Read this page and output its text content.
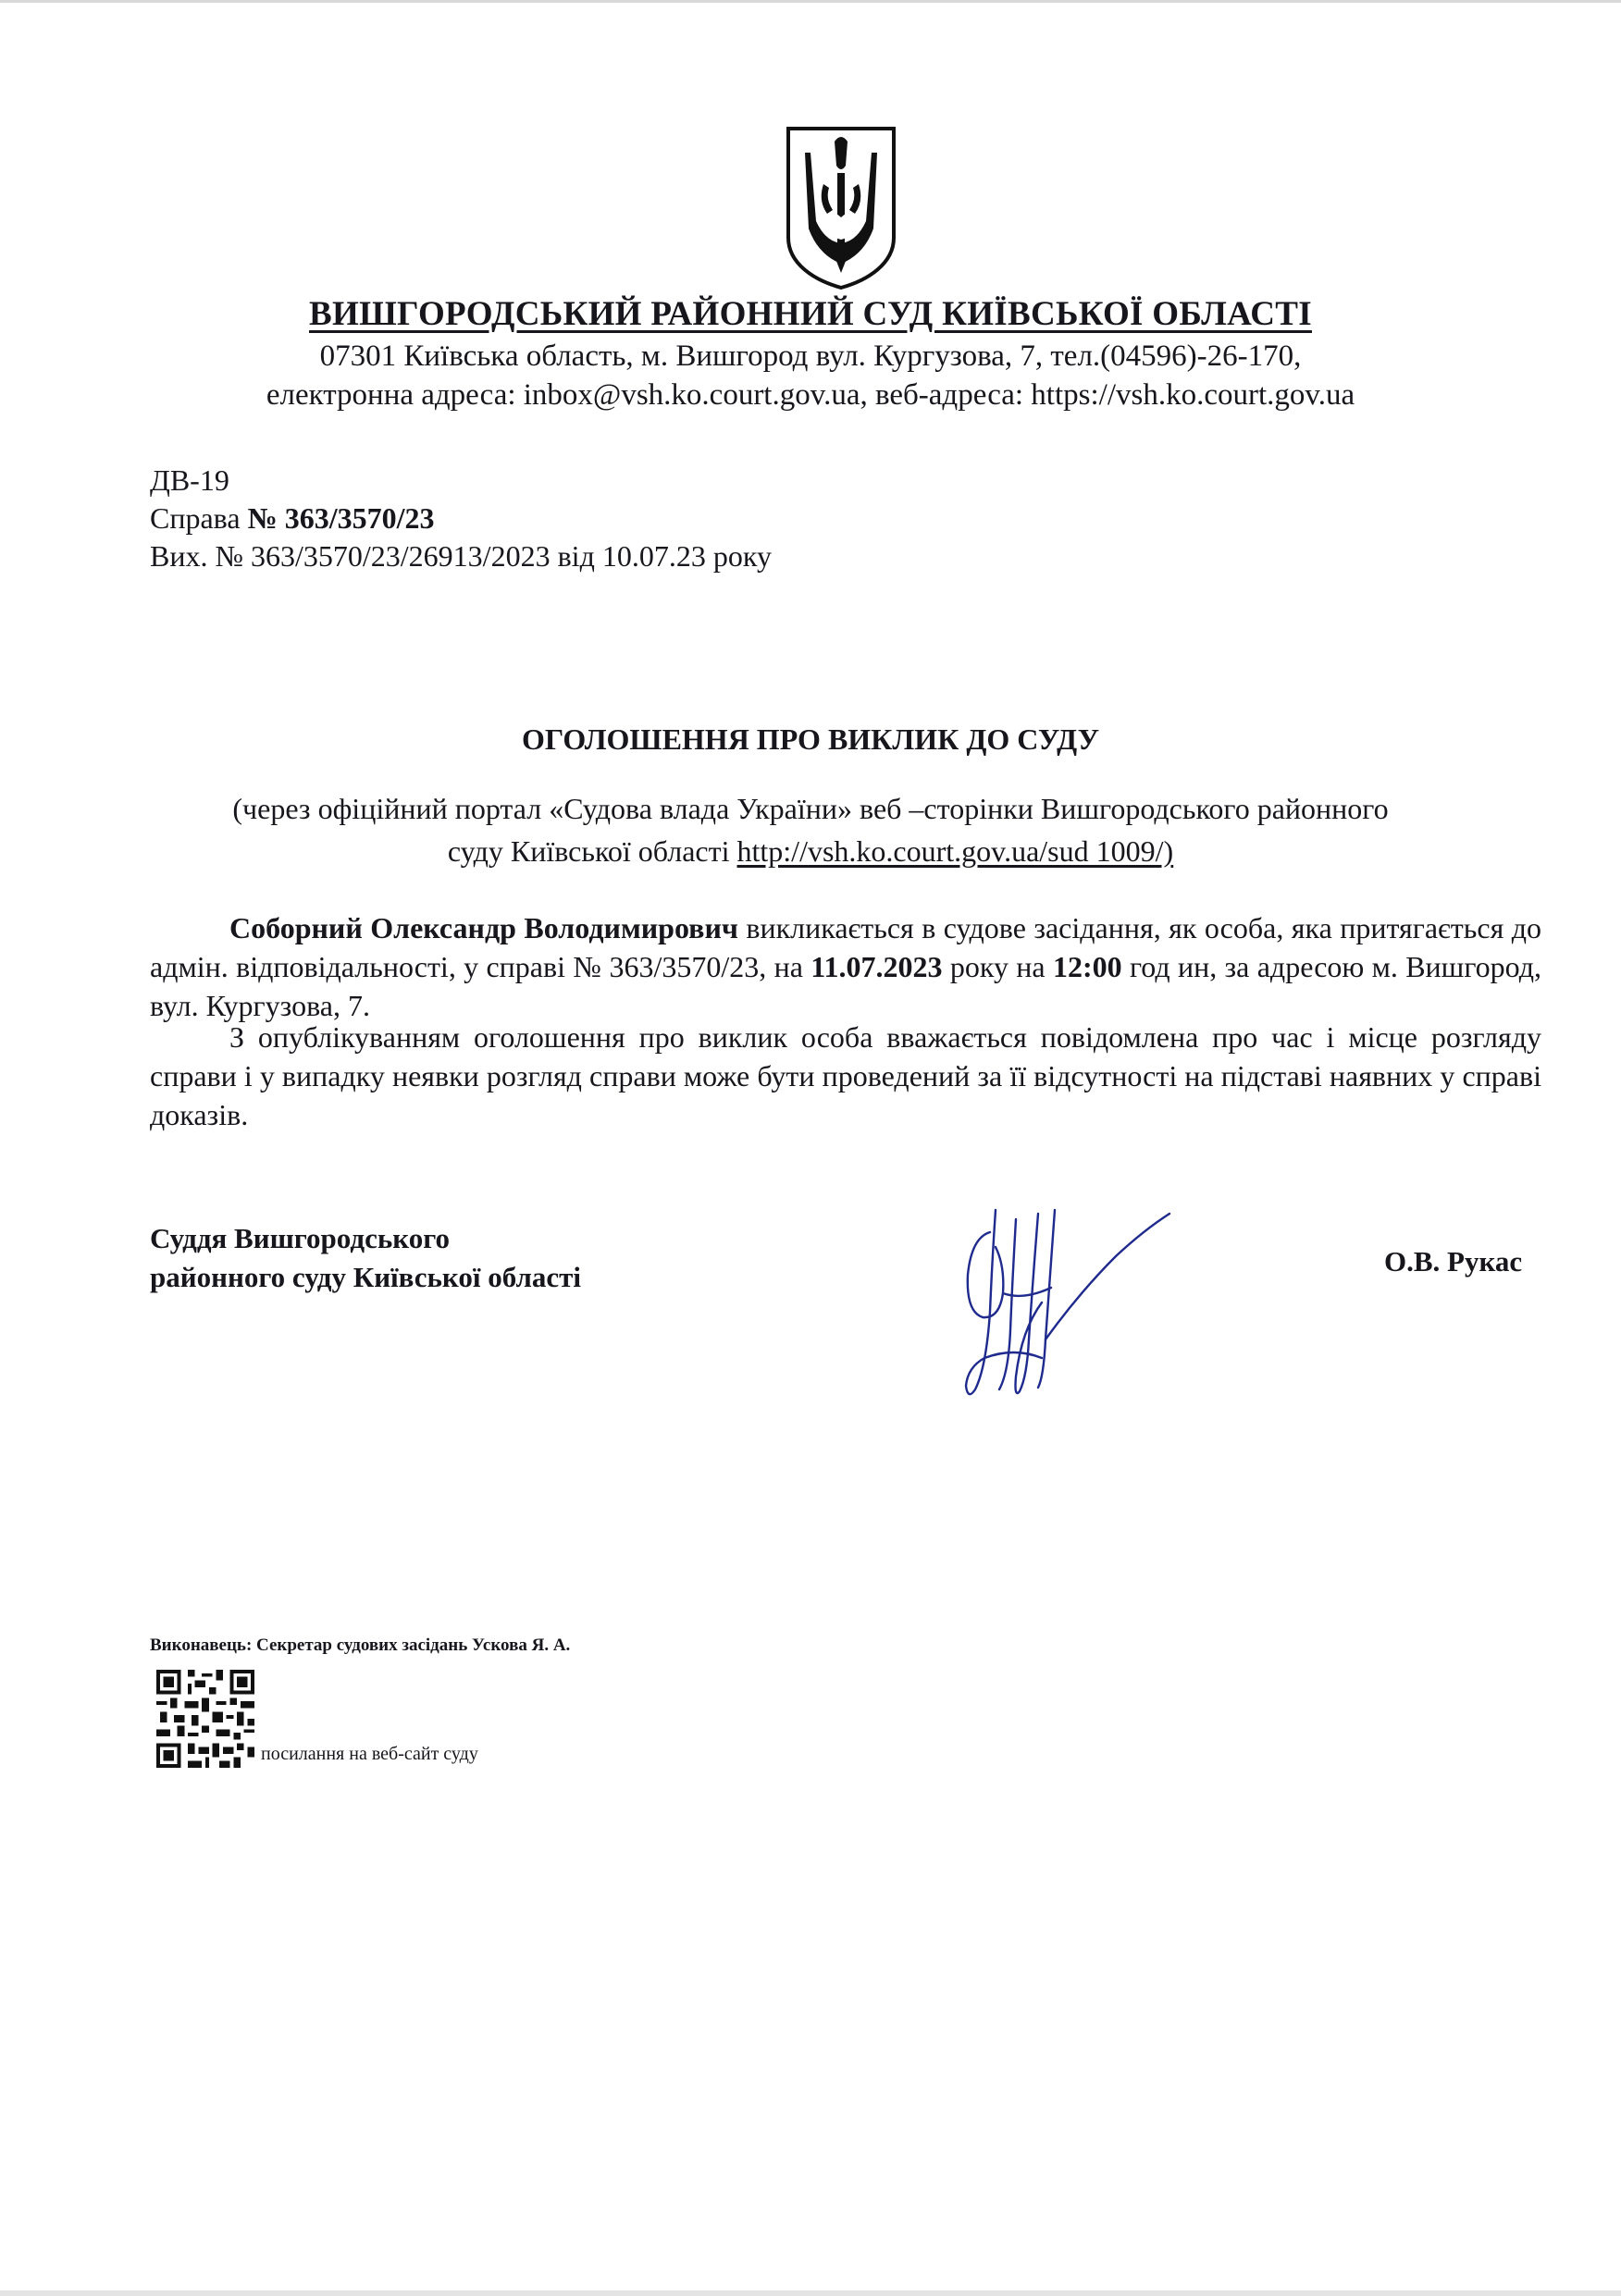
ВИШГОРОДСЬКИЙ РАЙОННИЙ СУД КИЇВСЬКОЇ ОБЛАСТІ
07301 Київська область, м. Вишгород вул. Кургузова, 7, тел.(04596)-26-170,
електронна адреса: inbox@vsh.ko.court.gov.ua, веб-адреса: https://vsh.ko.court.gov.ua
ДВ-19
Справа № 363/3570/23
Вих. № 363/3570/23/26913/2023 від 10.07.23 року
ОГОЛОШЕННЯ ПРО ВИКЛИК ДО СУДУ
(через офіційний портал «Судова влада України» веб –сторінки Вишгородського районного
суду Київської області http://vsh.ko.court.gov.ua/sud 1009/)
Соборний Олександр Володимирович викликається в судове засідання, як особа, яка притягається до адмін. відповідальності, у справі № 363/3570/23, на 11.07.2023 року на 12:00 год ин, за адресою м. Вишгород, вул. Кургузова, 7.
З опублікуванням оголошення про виклик особа вважається повідомлена про час і місце розгляду справи і у випадку неявки розгляд справи може бути проведений за її відсутності на підставі наявних у справі доказів.
Суддя Вишгородського
районного суду Київської області	О.В. Рукас
Виконавець: Секретар судових засідань Ускова Я. А.
посилання на веб-сайт суду
